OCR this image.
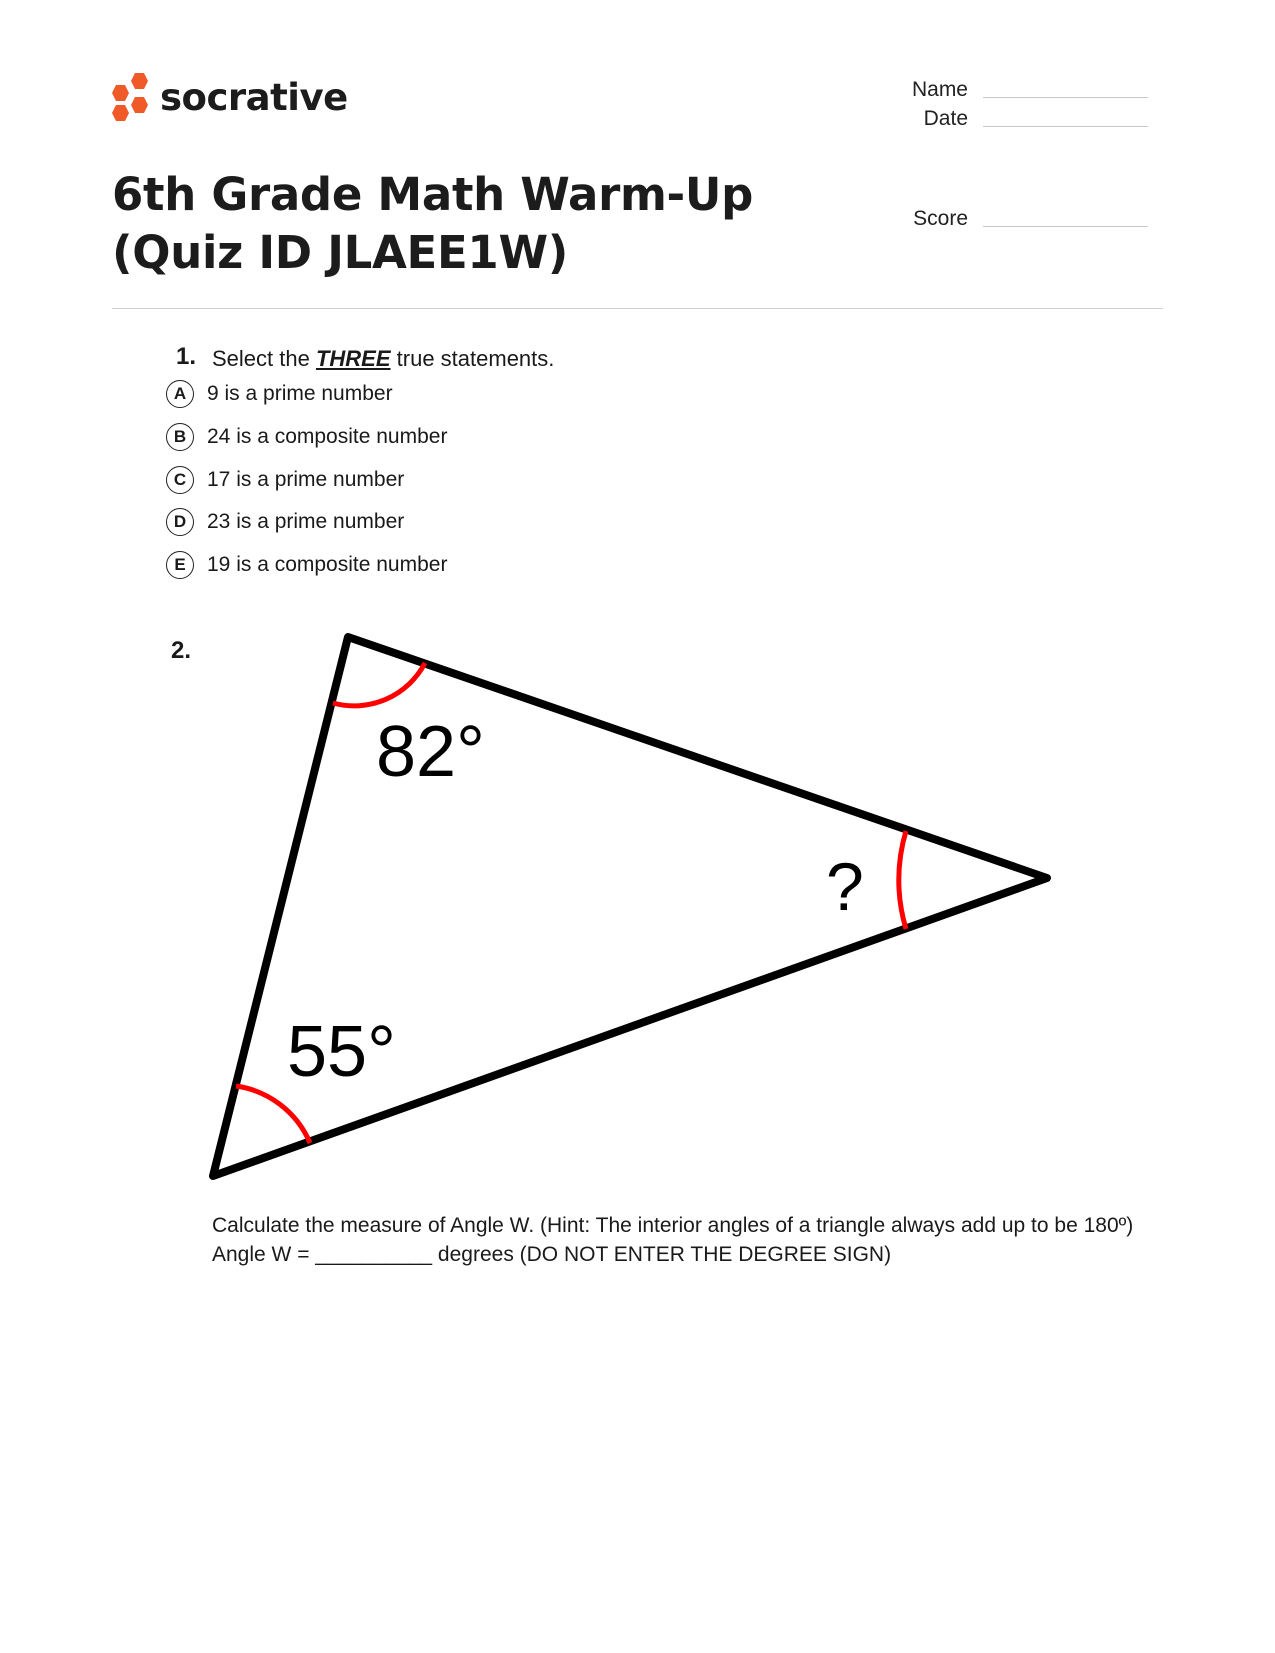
socrative	Name
Date
Score
6th Grade Math Warm-Up (Quiz ID JLAEE1W)
1. Select the THREE true statements.
A 9 is a prime number
B 24 is a composite number
C 17 is a prime number
D 23 is a prime number
E	19 is a composite number
2.
82°
?
55°
Calculate the measure of Angle W. (Hint: The interior angles of a triangle always add up to be 180º) Angle W = __________ degrees (DO NOT ENTER THE DEGREE SIGN)
